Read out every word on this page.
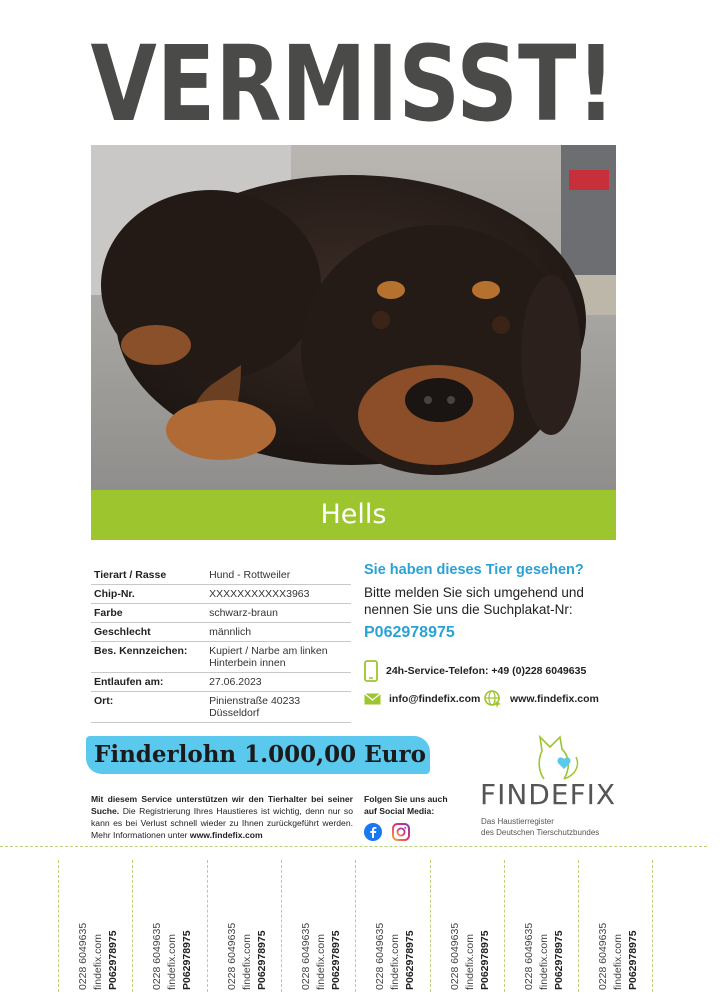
VERMISST!
Hells
Tierart / Rasse	Hund - Rottweiler
Chip-Nr.	XXXXXXXXXXX3963
Farbe	schwarz-braun
Geschlecht	männlich
Bes. Kennzeichen:	Kupiert / Narbe am linken Hinterbein innen
Entlaufen am:	27.06.2023
Ort:	Pinienstraße 40233 Düsseldorf
Sie haben dieses Tier gesehen?
Bitte melden Sie sich umgehend und nennen Sie uns die Suchplakat-Nr:
P062978975
24h-Service-Telefon: +49 (0)228 6049635
info@findefix.com	www.findefix.com
Finderlohn 1.000,00 Euro
Mit diesem Service unterstützen wir den Tierhalter bei seiner Suche. Die Registrierung Ihres Haustieres ist wichtig, denn nur so kann es bei Verlust schnell wieder zu Ihnen zurückgeführt werden. Mehr Informationen unter www.findefix.com
Folgen Sie uns auch auf Social Media:	FINDEFIX
Das Haustierregister
des Deutschen Tierschutzbundes
0228 6049635 findefix.com P062978975	0228 6049635 findefix.com P062978975	0228 6049635 findefix.com P062978975	0228 6049635 findefix.com P062978975	0228 6049635 findefix.com P062978975	0228 6049635 findefix.com P062978975	0228 6049635 findefix.com P062978975	0228 6049635 findefix.com P062978975
